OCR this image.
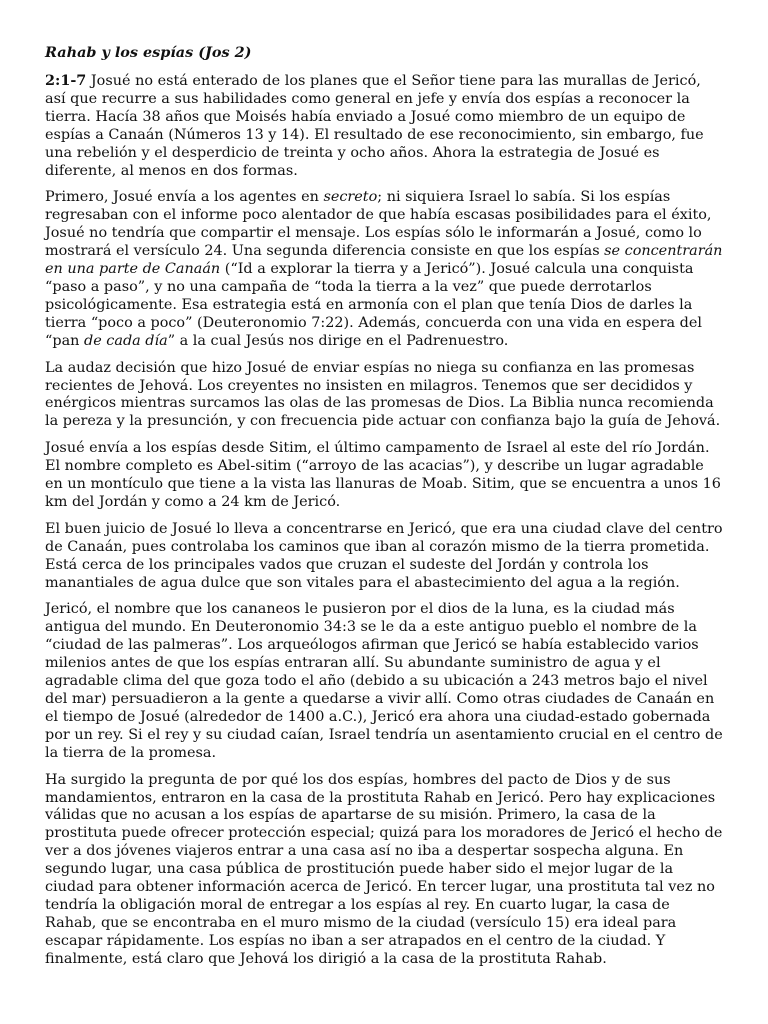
Rahab y los espías (Jos 2)

2:1-7 Josué no está enterado de los planes que el Señor tiene para las murallas de Jericó, así que recurre a sus habilidades como general en jefe y envía dos espías a reconocer la tierra. Hacía 38 años que Moisés había enviado a Josué como miembro de un equipo de espías a Canaán (Números 13 y 14). El resultado de ese reconocimiento, sin embargo, fue una rebelión y el desperdicio de treinta y ocho años. Ahora la estrategia de Josué es diferente, al menos en dos formas.

Primero, Josué envía a los agentes en secreto; ni siquiera Israel lo sabía. Si los espías regresaban con el informe poco alentador de que había escasas posibilidades para el éxito, Josué no tendría que compartir el mensaje. Los espías sólo le informarán a Josué, como lo mostrará el versículo 24. Una segunda diferencia consiste en que los espías se concentrarán en una parte de Canaán (“Id a explorar la tierra y a Jericó”). Josué calcula una conquista “paso a paso”, y no una campaña de “toda la tierra a la vez” que puede derrotarlos psicológicamente. Esa estrategia está en armonía con el plan que tenía Dios de darles la tierra “poco a poco” (Deuteronomio 7:22). Además, concuerda con una vida en espera del “pan de cada día” a la cual Jesús nos dirige en el Padrenuestro.

La audaz decisión que hizo Josué de enviar espías no niega su confianza en las promesas recientes de Jehová. Los creyentes no insisten en milagros. Tenemos que ser decididos y enérgicos mientras surcamos las olas de las promesas de Dios. La Biblia nunca recomienda la pereza y la presunción, y con frecuencia pide actuar con confianza bajo la guía de Jehová.

Josué envía a los espías desde Sitim, el último campamento de Israel al este del río Jordán. El nombre completo es Abel-sitim (“arroyo de las acacias”), y describe un lugar agradable en un montículo que tiene a la vista las llanuras de Moab. Sitim, que se encuentra a unos 16 km del Jordán y como a 24 km de Jericó.

El buen juicio de Josué lo lleva a concentrarse en Jericó, que era una ciudad clave del centro de Canaán, pues controlaba los caminos que iban al corazón mismo de la tierra prometida. Está cerca de los principales vados que cruzan el sudeste del Jordán y controla los manantiales de agua dulce que son vitales para el abastecimiento del agua a la región.

Jericó, el nombre que los cananeos le pusieron por el dios de la luna, es la ciudad más antigua del mundo. En Deuteronomio 34:3 se le da a este antiguo pueblo el nombre de la “ciudad de las palmeras”. Los arqueólogos afirman que Jericó se había establecido varios milenios antes de que los espías entraran allí. Su abundante suministro de agua y el agradable clima del que goza todo el año (debido a su ubicación a 243 metros bajo el nivel del mar) persuadieron a la gente a quedarse a vivir allí. Como otras ciudades de Canaán en el tiempo de Josué (alrededor de 1400 a.C.), Jericó era ahora una ciudad-estado gobernada por un rey. Si el rey y su ciudad caían, Israel tendría un asentamiento crucial en el centro de la tierra de la promesa.

Ha surgido la pregunta de por qué los dos espías, hombres del pacto de Dios y de sus mandamientos, entraron en la casa de la prostituta Rahab en Jericó. Pero hay explicaciones válidas que no acusan a los espías de apartarse de su misión. Primero, la casa de la prostituta puede ofrecer protección especial; quizá para los moradores de Jericó el hecho de ver a dos jóvenes viajeros entrar a una casa así no iba a despertar sospecha alguna. En segundo lugar, una casa pública de prostitución puede haber sido el mejor lugar de la ciudad para obtener información acerca de Jericó. En tercer lugar, una prostituta tal vez no tendría la obligación moral de entregar a los espías al rey. En cuarto lugar, la casa de Rahab, que se encontraba en el muro mismo de la ciudad (versículo 15) era ideal para escapar rápidamente. Los espías no iban a ser atrapados en el centro de la ciudad. Y finalmente, está claro que Jehová los dirigió a la casa de la prostituta Rahab.
